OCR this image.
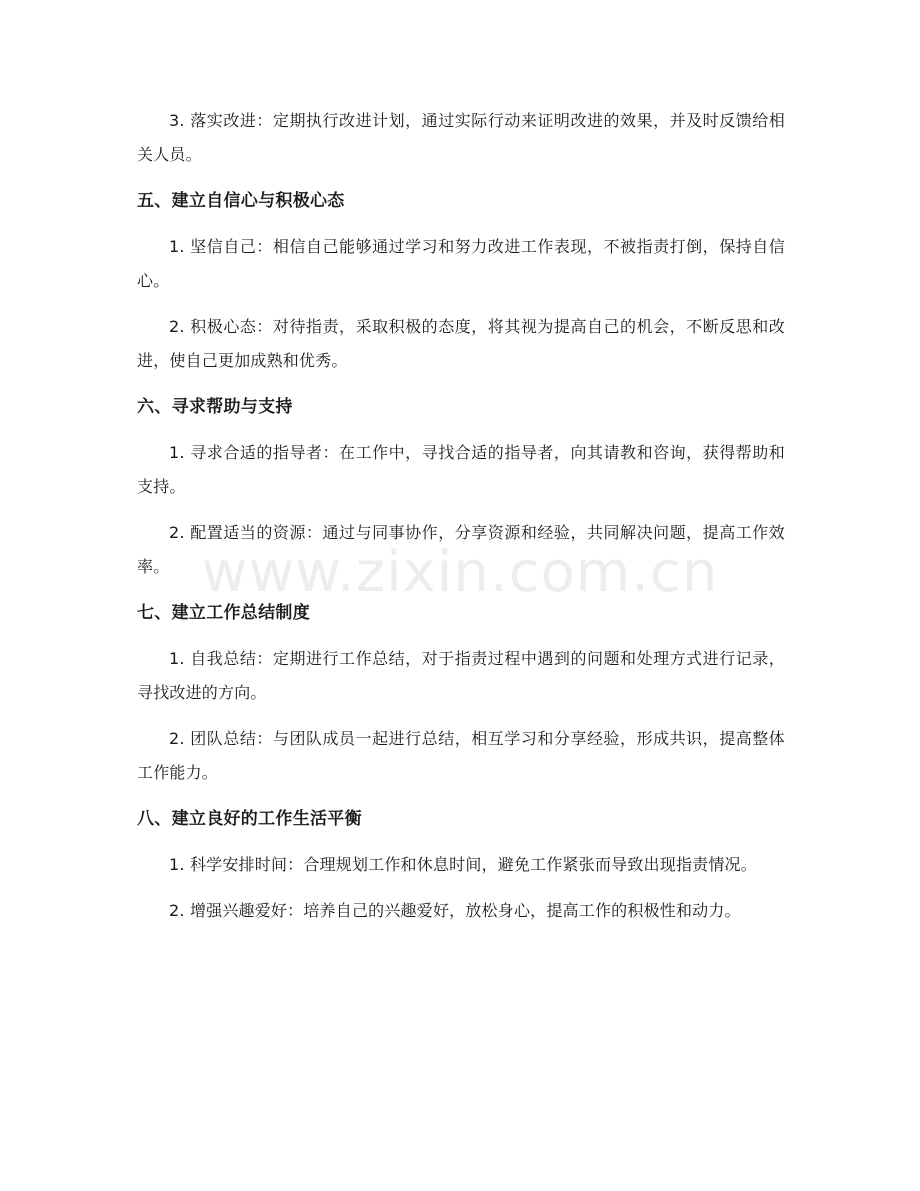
www.zixin.com.cn

3. 落实改进：定期执行改进计划，通过实际行动来证明改进的效果，并及时反馈给相关人员。

五、建立自信心与积极心态

1. 坚信自己：相信自己能够通过学习和努力改进工作表现，不被指责打倒，保持自信心。

2. 积极心态：对待指责，采取积极的态度，将其视为提高自己的机会，不断反思和改进，使自己更加成熟和优秀。

六、寻求帮助与支持

1. 寻求合适的指导者：在工作中，寻找合适的指导者，向其请教和咨询，获得帮助和支持。

2. 配置适当的资源：通过与同事协作，分享资源和经验，共同解决问题，提高工作效率。

七、建立工作总结制度

1. 自我总结：定期进行工作总结，对于指责过程中遇到的问题和处理方式进行记录，寻找改进的方向。

2. 团队总结：与团队成员一起进行总结，相互学习和分享经验，形成共识，提高整体工作能力。

八、建立良好的工作生活平衡

1. 科学安排时间：合理规划工作和休息时间，避免工作紧张而导致出现指责情况。

2. 增强兴趣爱好：培养自己的兴趣爱好，放松身心，提高工作的积极性和动力。
